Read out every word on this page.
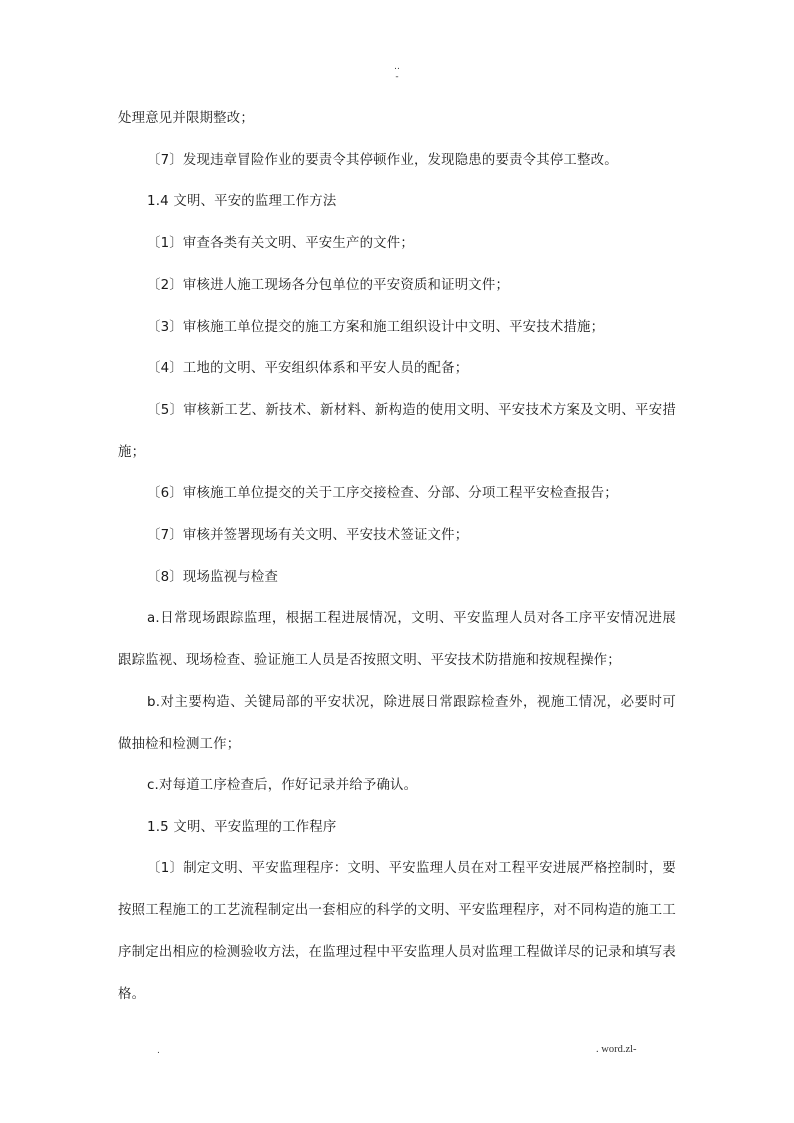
..
-

处理意见并限期整改；

〔7〕发现违章冒险作业的要责令其停顿作业，发现隐患的要责令其停工整改。

1.4 文明、平安的监理工作方法

〔1〕审查各类有关文明、平安生产的文件；

〔2〕审核进人施工现场各分包单位的平安资质和证明文件；

〔3〕审核施工单位提交的施工方案和施工组织设计中文明、平安技术措施；

〔4〕工地的文明、平安组织体系和平安人员的配备；

〔5〕审核新工艺、新技术、新材料、新构造的使用文明、平安技术方案及文明、平安措施；

〔6〕审核施工单位提交的关于工序交接检查、分部、分项工程平安检查报告；

〔7〕审核并签署现场有关文明、平安技术签证文件；

〔8〕现场监视与检查

a.日常现场跟踪监理，根据工程进展情况，文明、平安监理人员对各工序平安情况进展跟踪监视、现场检查、验证施工人员是否按照文明、平安技术防措施和按规程操作；

b.对主要构造、关键局部的平安状况，除进展日常跟踪检查外，视施工情况，必要时可做抽检和检测工作；

c.对每道工序检查后，作好记录并给予确认。

1.5 文明、平安监理的工作程序

〔1〕制定文明、平安监理程序：文明、平安监理人员在对工程平安进展严格控制时，要按照工程施工的工艺流程制定出一套相应的科学的文明、平安监理程序，对不同构造的施工工序制定出相应的检测验收方法，在监理过程中平安监理人员对监理工程做详尽的记录和填写表格。

.	. word.zl-
